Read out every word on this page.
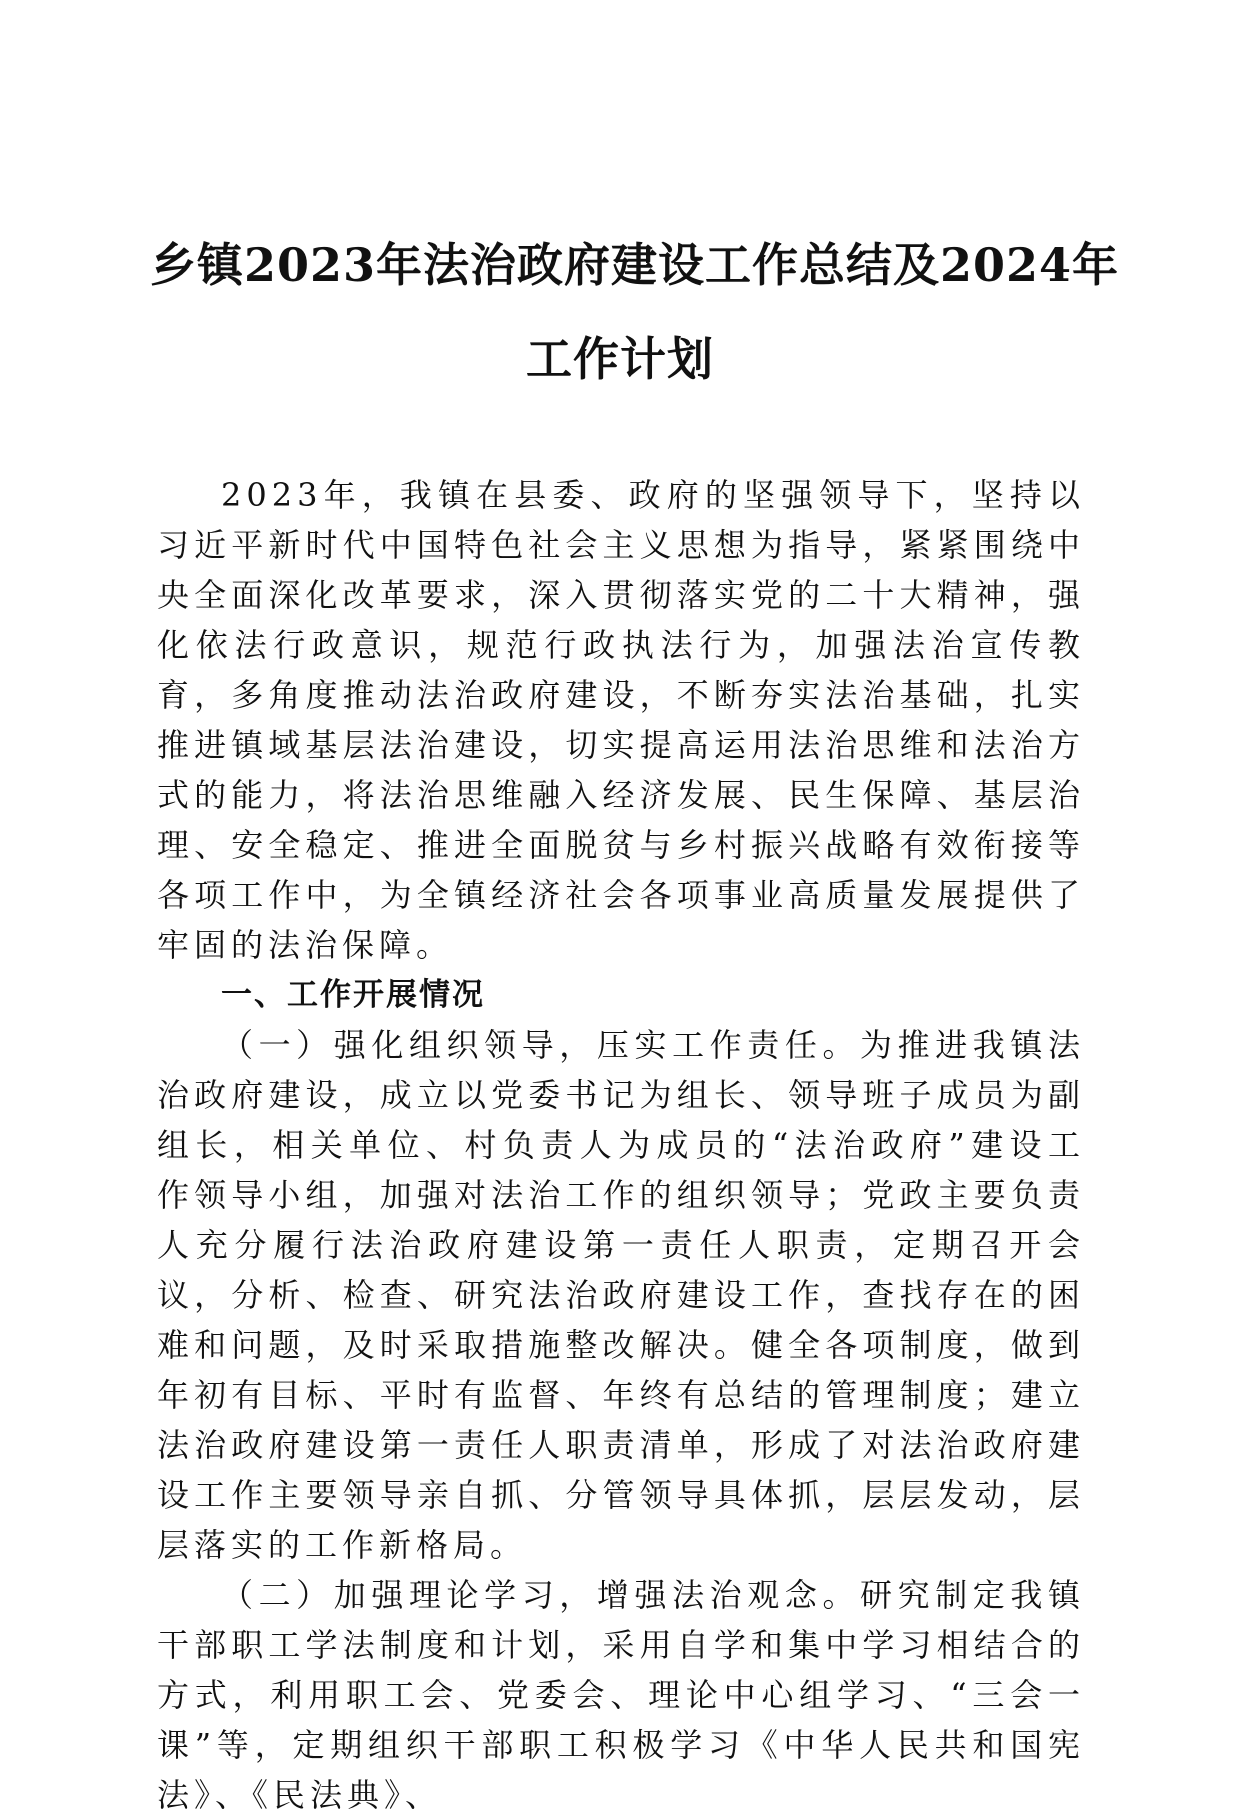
乡镇2023年法治政府建设工作总结及2024年
工作计划

2023年，我镇在县委、政府的坚强领导下，坚持以习近平新时代中国特色社会主义思想为指导，紧紧围绕中央全面深化改革要求，深入贯彻落实党的二十大精神，强化依法行政意识，规范行政执法行为，加强法治宣传教育，多角度推动法治政府建设，不断夯实法治基础，扎实推进镇域基层法治建设，切实提高运用法治思维和法治方式的能力，将法治思维融入经济发展、民生保障、基层治理、安全稳定、推进全面脱贫与乡村振兴战略有效衔接等各项工作中，为全镇经济社会各项事业高质量发展提供了牢固的法治保障。

一、工作开展情况

（一）强化组织领导，压实工作责任。为推进我镇法治政府建设，成立以党委书记为组长、领导班子成员为副组长，相关单位、村负责人为成员的“法治政府”建设工作领导小组，加强对法治工作的组织领导；党政主要负责人充分履行法治政府建设第一责任人职责，定期召开会议，分析、检查、研究法治政府建设工作，查找存在的困难和问题，及时采取措施整改解决。健全各项制度，做到年初有目标、平时有监督、年终有总结的管理制度；建立法治政府建设第一责任人职责清单，形成了对法治政府建设工作主要领导亲自抓、分管领导具体抓，层层发动，层层落实的工作新格局。

（二）加强理论学习，增强法治观念。研究制定我镇干部职工学法制度和计划，采用自学和集中学习相结合的方式，利用职工会、党委会、理论中心组学习、“三会一课”等，定期组织干部职工积极学习《中华人民共和国宪法》、《民法典》、
